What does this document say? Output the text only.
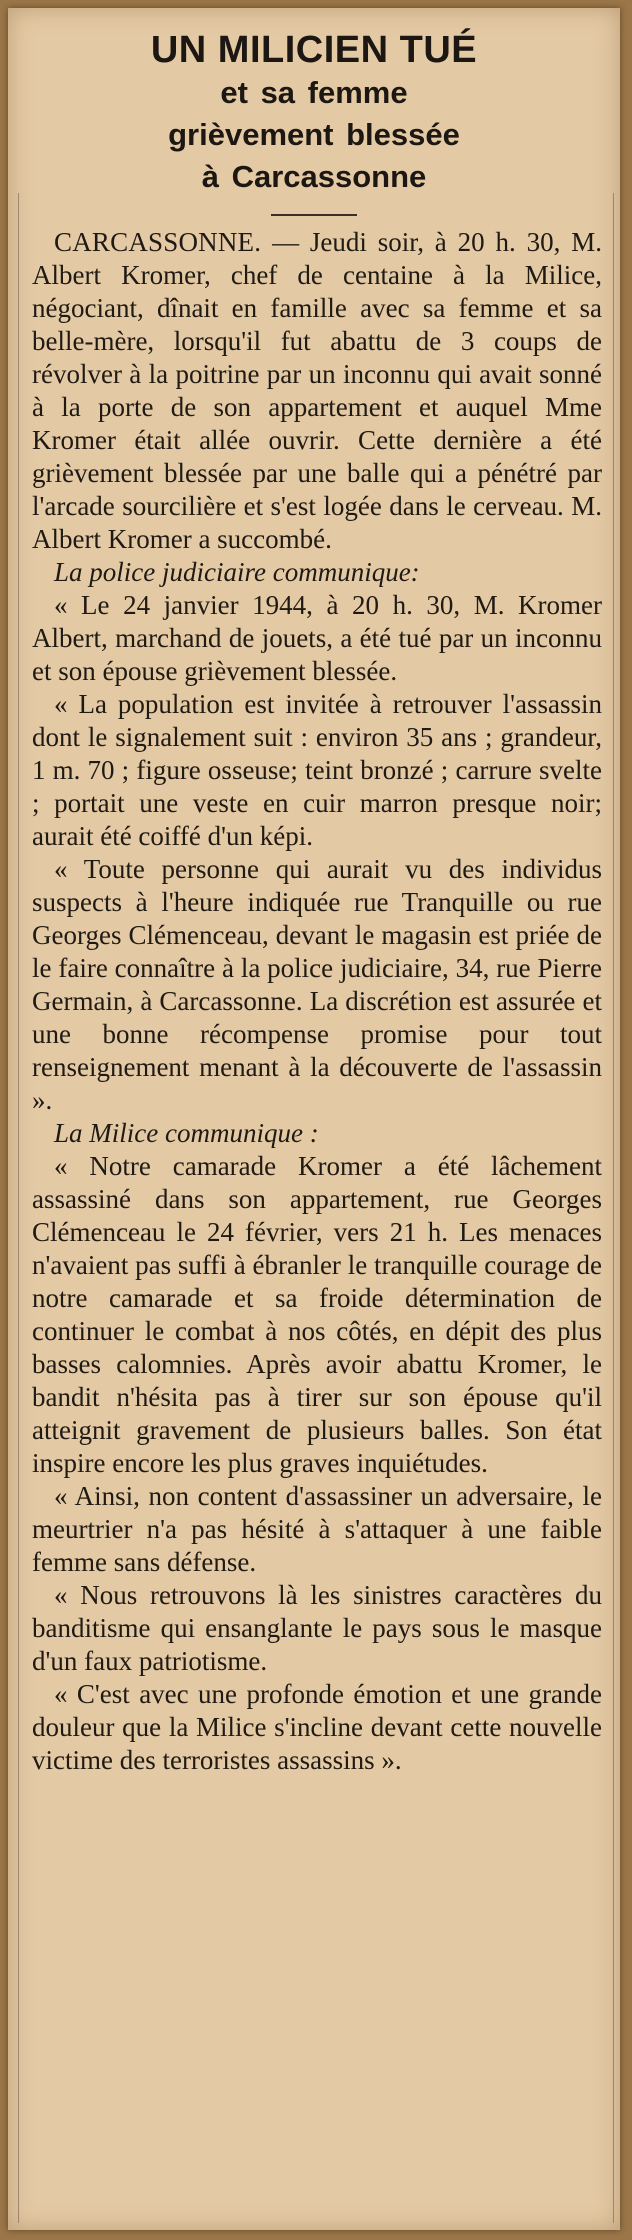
UN MILICIEN TUÉ
et sa femme
grièvement blessée
à Carcassonne

CARCASSONNE. — Jeudi soir, à 20 h. 30, M. Albert Kromer, chef de centaine à la Milice, négociant, dînait en famille avec sa femme et sa belle-mère, lorsqu'il fut abattu de 3 coups de révolver à la poitrine par un inconnu qui avait sonné à la porte de son appartement et auquel Mme Kromer était allée ouvrir. Cette dernière a été grièvement blessée par une balle qui a pénétré par l'arcade sourcilière et s'est logée dans le cerveau. M. Albert Kromer a succombé.

La police judiciaire communique:

« Le 24 janvier 1944, à 20 h. 30, M. Kromer Albert, marchand de jouets, a été tué par un inconnu et son épouse grièvement blessée.

« La population est invitée à retrouver l'assassin dont le signalement suit : environ 35 ans ; grandeur, 1 m. 70 ; figure osseuse; teint bronzé ; carrure svelte ; portait une veste en cuir marron presque noir; aurait été coiffé d'un képi.

« Toute personne qui aurait vu des individus suspects à l'heure indiquée rue Tranquille ou rue Georges Clémenceau, devant le magasin est priée de le faire connaître à la police judiciaire, 34, rue Pierre Germain, à Carcassonne. La discrétion est assurée et une bonne récompense promise pour tout renseignement menant à la découverte de l'assassin ».

La Milice communique :

« Notre camarade Kromer a été lâchement assassiné dans son appartement, rue Georges Clémenceau le 24 février, vers 21 h. Les menaces n'avaient pas suffi à ébranler le tranquille courage de notre camarade et sa froide détermination de continuer le combat à nos côtés, en dépit des plus basses calomnies. Après avoir abattu Kromer, le bandit n'hésita pas à tirer sur son épouse qu'il atteignit gravement de plusieurs balles. Son état inspire encore les plus graves inquiétudes.

« Ainsi, non content d'assassiner un adversaire, le meurtrier n'a pas hésité à s'attaquer à une faible femme sans défense.

« Nous retrouvons là les sinistres caractères du banditisme qui ensanglante le pays sous le masque d'un faux patriotisme.

« C'est avec une profonde émotion et une grande douleur que la Milice s'incline devant cette nouvelle victime des terroristes assassins ».
